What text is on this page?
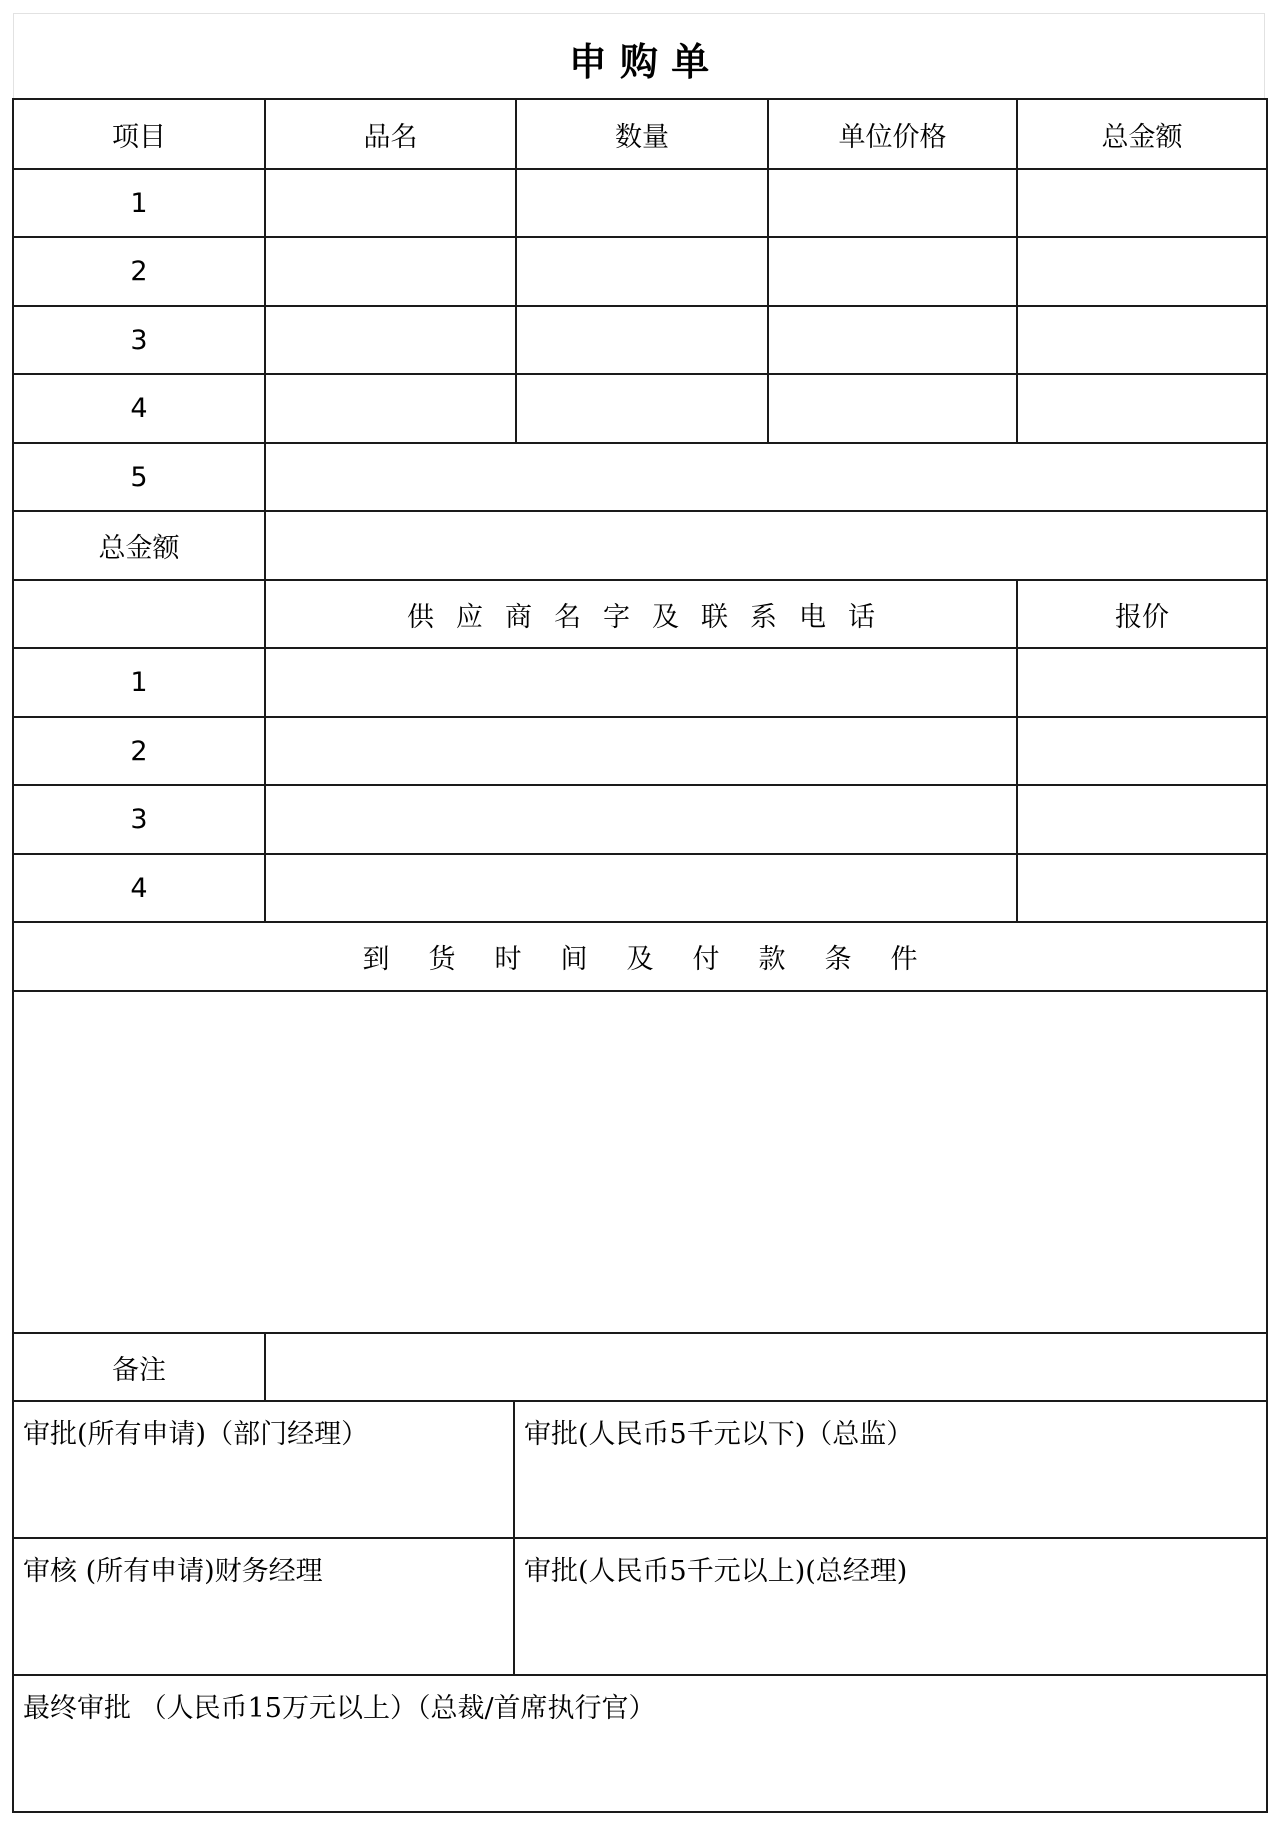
申 购 单
项目	品名	数量	单位价格	总金额
1
2
3
4
5
总金额
供应商名字及联系电话	报价
1
2
3
4
到货时间及付款条件
备注
审批(所有申请)（部门经理）	审批(人民币5千元以下)（总监）
审核 (所有申请)财务经理	审批(人民币5千元以上)(总经理)
最终审批 （人民币15万元以上）（总裁/首席执行官）
